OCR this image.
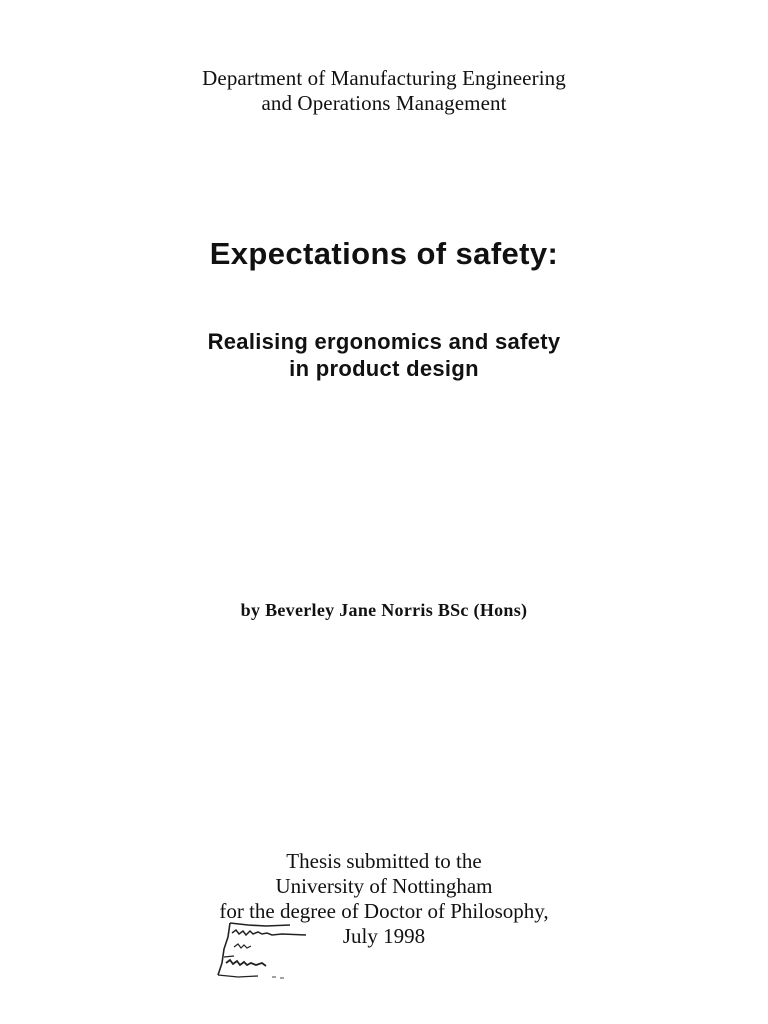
Department of Manufacturing Engineering
and Operations Management
Expectations of safety:
Realising ergonomics and safety
in product design
by Beverley Jane Norris BSc (Hons)
Thesis submitted to the
University of Nottingham
for the degree of Doctor of Philosophy,
July 1998
